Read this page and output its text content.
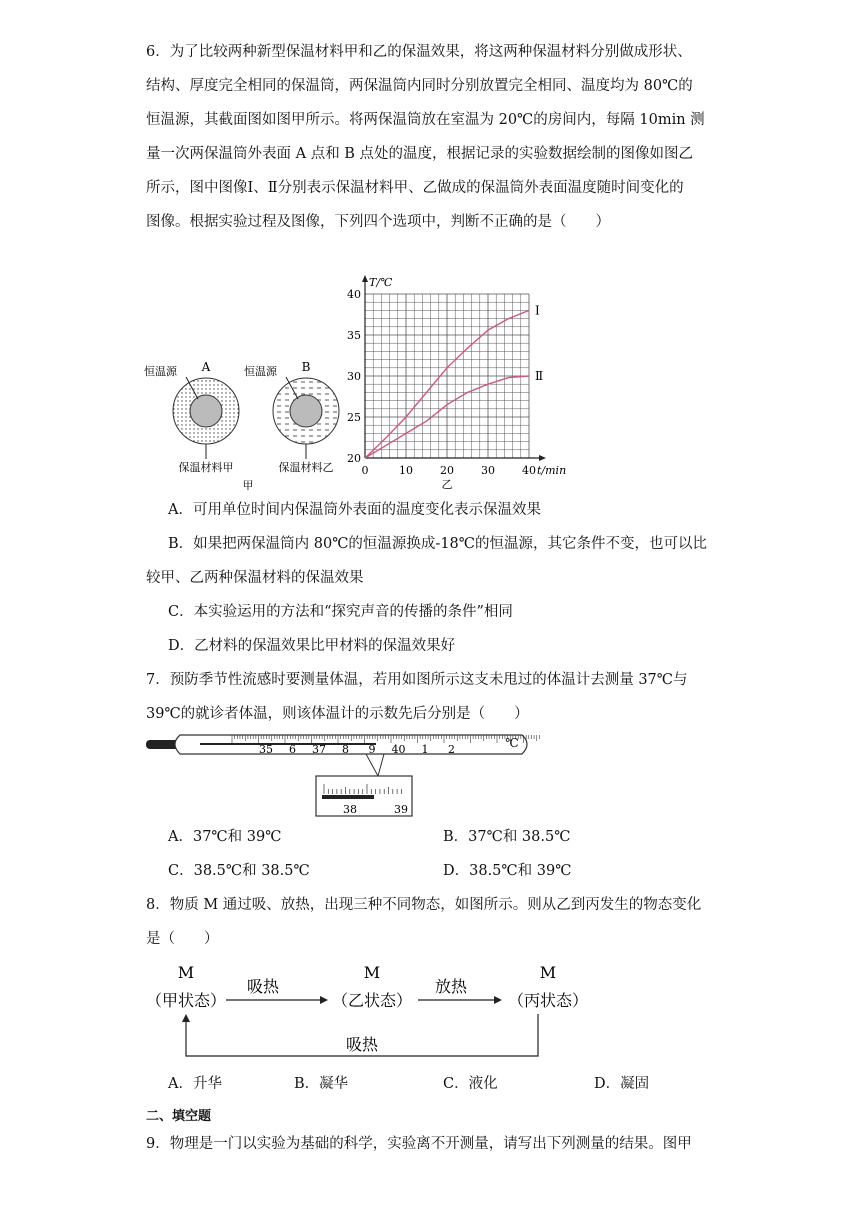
6．为了比较两种新型保温材料甲和乙的保温效果，将这两种保温材料分别做成形状、
结构、厚度完全相同的保温筒，两保温筒内同时分别放置完全相同、温度均为 80℃的
恒温源，其截面图如图甲所示。将两保温筒放在室温为 20℃的房间内，每隔 10min 测
量一次两保温筒外表面 A 点和 B 点处的温度，根据记录的实验数据绘制的图像如图乙
所示，图中图像Ⅰ、Ⅱ分别表示保温材料甲、乙做成的保温筒外表面温度随时间变化的
图像。根据实验过程及图像，下列四个选项中，判断不正确的是（　　）
A	B
恒温源	恒温源
保温材料甲	保温材料乙
甲
20
25
30
35
40
0	10 20 30 40
T/℃
t/min
Ⅰ
Ⅱ
乙
A．可用单位时间内保温筒外表面的温度变化表示保温效果
B．如果把两保温筒内 80℃的恒温源换成-18℃的恒温源，其它条件不变，也可以比
较甲、乙两种保温材料的保温效果
C．本实验运用的方法和“探究声音的传播的条件”相同
D．乙材料的保温效果比甲材料的保温效果好
7．预防季节性流感时要测量体温，若用如图所示这支未甩过的体温计去测量 37℃与
39℃的就诊者体温，则该体温计的示数先后分别是（　　）
35 6 37 8 9 40 1 2	℃
38	39
A．37℃和 39℃	B．37℃和 38.5℃
C．38.5℃和 38.5℃	D．38.5℃和 39℃
8．物质 M 通过吸、放热，出现三种不同物态，如图所示。则从乙到丙发生的物态变化
是（　　）
M	M	M
（甲状态）	（乙状态）	（丙状态）
吸热	放热
吸热
A．升华	B．凝华	C．液化	D．凝固
二、填空题
9．物理是一门以实验为基础的科学，实验离不开测量，请写出下列测量的结果。图甲
